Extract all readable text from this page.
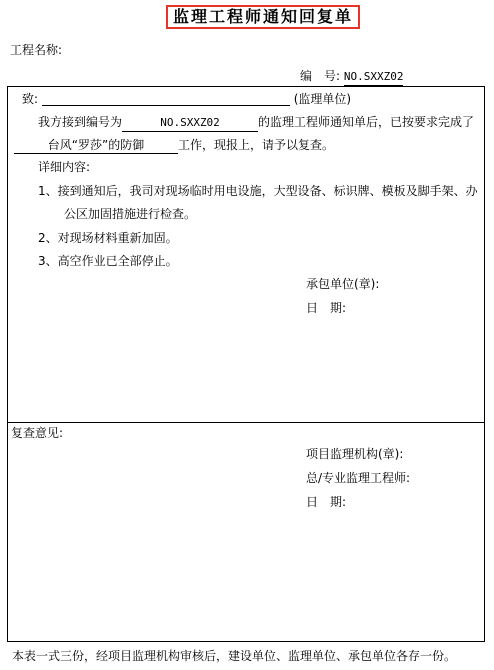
监理工程师通知回复单
工程名称:
编　号: NO.SXXZ02
致:	(监理单位)
我方接到编号为	NO.SXXZ02	的监理工程师通知单后，已按要求完成了
台风“罗莎”的防御	工作，现报上，请予以复查。
详细内容:
1、接到通知后，我司对现场临时用电设施，大型设备、标识牌、模板及脚手架、办
公区加固措施进行检查。
2、对现场材料重新加固。
3、高空作业已全部停止。
承包单位(章):
日　期:
复查意见:
项目监理机构(章):
总/专业监理工程师:
日　期:
本表一式三份，经项目监理机构审核后，建设单位、监理单位、承包单位各存一份。
